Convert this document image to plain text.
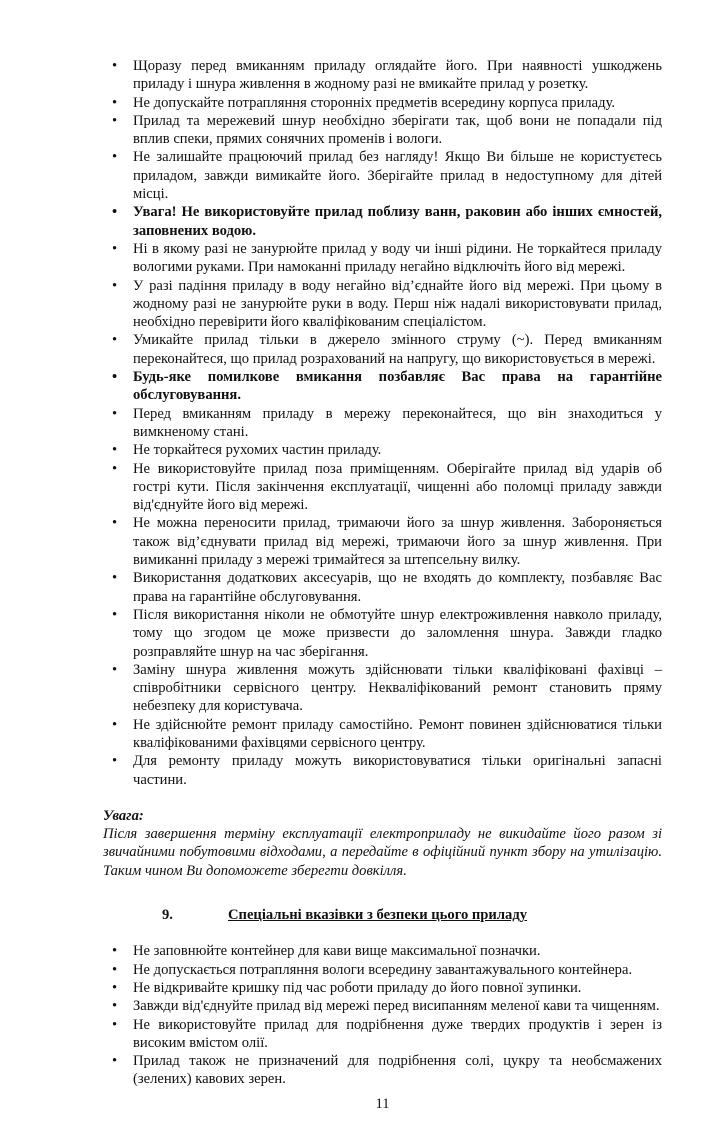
• Щоразу перед вмиканням приладу оглядайте його. При наявності ушкоджень приладу і шнура живлення в жодному разі не вмикайте прилад у розетку.
• Не допускайте потрапляння сторонніх предметів всередину корпуса приладу.
• Прилад та мережевий шнур необхідно зберігати так, щоб вони не попадали під вплив спеки, прямих сонячних променів і вологи.
• Не залишайте працюючий прилад без нагляду! Якщо Ви більше не користуєтесь приладом, завжди вимикайте його. Зберігайте прилад в недоступному для дітей місці.
• Увага! Не використовуйте прилад поблизу ванн, раковин або інших ємностей, заповнених водою.
• Ні в якому разі не занурюйте прилад у воду чи інші рідини. Не торкайтеся приладу вологими руками. При намоканні приладу негайно відключіть його від мережі.
• У разі падіння приладу в воду негайно від’єднайте його від мережі. При цьому в жодному разі не занурюйте руки в воду. Перш ніж надалі використовувати прилад, необхідно перевірити його кваліфікованим спеціалістом.
• Умикайте прилад тільки в джерело змінного струму (~). Перед вмиканням переконайтеся, що прилад розрахований на напругу, що використовується в мережі.
• Будь-яке помилкове вмикання позбавляє Вас права на гарантійне обслуговування.
• Перед вмиканням приладу в мережу переконайтеся, що він знаходиться у вимкненому стані.
• Не торкайтеся рухомих частин приладу.
• Не використовуйте прилад поза приміщенням. Оберігайте прилад від ударів об гострі кути. Після закінчення експлуатації, чищенні або поломці приладу завжди від'єднуйте його від мережі.
• Не можна переносити прилад, тримаючи його за шнур живлення. Забороняється також від’єднувати прилад від мережі, тримаючи його за шнур живлення. При вимиканні приладу з мережі тримайтеся за штепсельну вилку.
• Використання додаткових аксесуарів, що не входять до комплекту, позбавляє Вас права на гарантійне обслуговування.
• Після використання ніколи не обмотуйте шнур електроживлення навколо приладу, тому що згодом це може призвести до заломлення шнура. Завжди гладко розправляйте шнур на час зберігання.
• Заміну шнура живлення можуть здійснювати тільки кваліфіковані фахівці – співробітники сервісного центру. Некваліфікований ремонт становить пряму небезпеку для користувача.
• Не здійснюйте ремонт приладу самостійно. Ремонт повинен здійснюватися тільки кваліфікованими фахівцями сервісного центру.
• Для ремонту приладу можуть використовуватися тільки оригінальні запасні частини.
Увага:
Після завершення терміну експлуатації електроприладу не викидайте його разом зі звичайними побутовими відходами, а передайте в офіційний пункт збору на утилізацію. Таким чином Ви допоможете зберегти довкілля.
9.	Спеціальні вказівки з безпеки цього приладу
• Не заповнюйте контейнер для кави вище максимальної позначки.
• Не допускається потрапляння вологи всередину завантажувального контейнера.
• Не відкривайте кришку під час роботи приладу до його повної зупинки.
• Завжди від'єднуйте прилад від мережі перед висипанням меленої кави та чищенням.
• Не використовуйте прилад для подрібнення дуже твердих продуктів і зерен із високим вмістом олії.
• Прилад також не призначений для подрібнення солі, цукру та необсмажених (зелених) кавових зерен.
11
